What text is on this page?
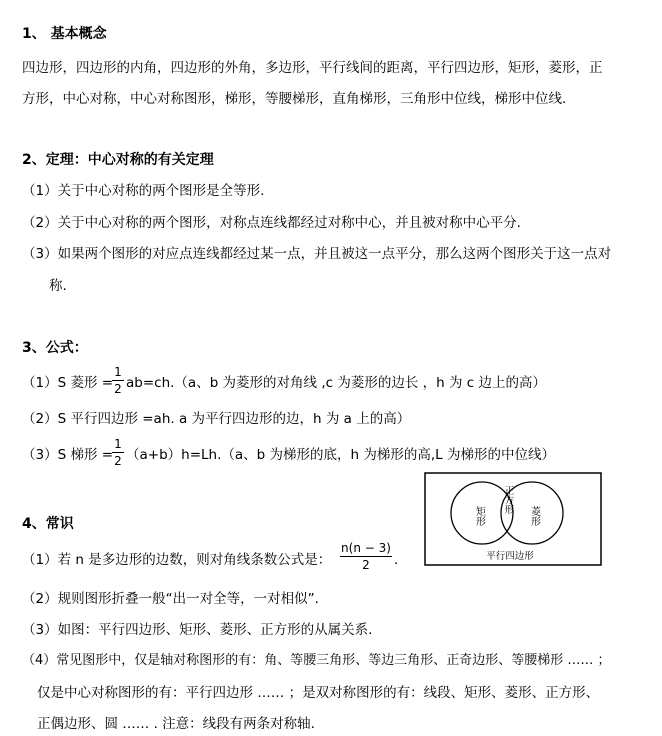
1、 基本概念
四边形，四边形的内角，四边形的外角，多边形，平行线间的距离，平行四边形，矩形，菱形，正
方形，中心对称，中心对称图形，梯形，等腰梯形，直角梯形，三角形中位线，梯形中位线.
2、定理：中心对称的有关定理
（1）关于中心对称的两个图形是全等形.
（2）关于中心对称的两个图形，对称点连线都经过对称中心，并且被对称中心平分.
（3）如果两个图形的对应点连线都经过某一点，并且被这一点平分，那么这两个图形关于这一点对
称.
3、公式：
（1）S 菱形 =
1
2 ab=ch.（a、b 为菱形的对角线 ,c 为菱形的边长 ，h 为 c 边上的高）
（2）S 平行四边形 =ah. a 为平行四边形的边，h 为 a 上的高）
（3）S 梯形 =
1
2 （a+b）h=Lh.（a、b 为梯形的底，h 为梯形的高,L 为梯形的中位线）
矩形
正方形
菱形
平行四边形
4、常识
（1）若 n 是多边形的边数，则对角线条数公式是：
n(n − 3)
2	.
（2）规则图形折叠一般“出一对全等，一对相似”.
（3）如图：平行四边形、矩形、菱形、正方形的从属关系.
（4）常见图形中，仅是轴对称图形的有：角、等腰三角形、等边三角形、正奇边形、等腰梯形 …… ；
仅是中心对称图形的有：平行四边形 …… ；是双对称图形的有：线段、矩形、菱形、正方形、
正偶边形、圆 …… . 注意：线段有两条对称轴.
